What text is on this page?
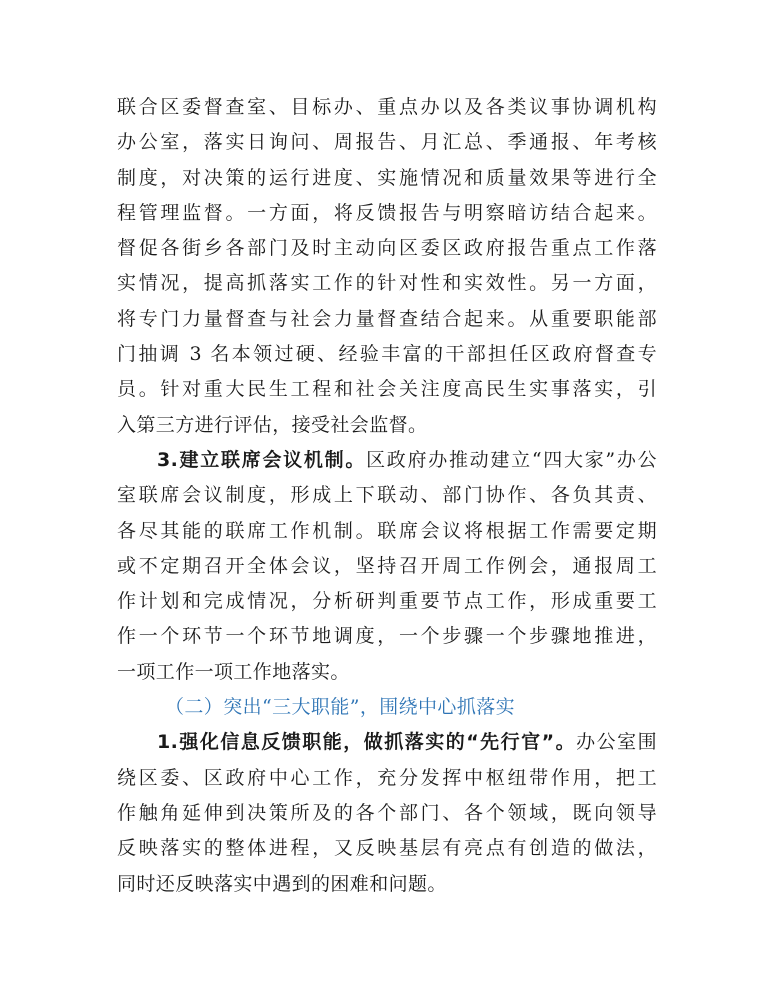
联合区委督查室、目标办、重点办以及各类议事协调机构
办公室，落实日询问、周报告、月汇总、季通报、年考核
制度，对决策的运行进度、实施情况和质量效果等进行全
程管理监督。一方面，将反馈报告与明察暗访结合起来。
督促各街乡各部门及时主动向区委区政府报告重点工作落
实情况，提高抓落实工作的针对性和实效性。另一方面，
将专门力量督查与社会力量督查结合起来。从重要职能部
门抽调 3 名本领过硬、经验丰富的干部担任区政府督查专
员。针对重大民生工程和社会关注度高民生实事落实，引
入第三方进行评估，接受社会监督。
3.建立联席会议机制。区政府办推动建立“四大家”办公
室联席会议制度，形成上下联动、部门协作、各负其责、
各尽其能的联席工作机制。联席会议将根据工作需要定期
或不定期召开全体会议，坚持召开周工作例会，通报周工
作计划和完成情况，分析研判重要节点工作，形成重要工
作一个环节一个环节地调度，一个步骤一个步骤地推进，
一项工作一项工作地落实。
（二）突出“三大职能”，围绕中心抓落实
1.强化信息反馈职能，做抓落实的“先行官”。办公室围
绕区委、区政府中心工作，充分发挥中枢纽带作用，把工
作触角延伸到决策所及的各个部门、各个领域，既向领导
反映落实的整体进程，又反映基层有亮点有创造的做法，
同时还反映落实中遇到的困难和问题。
